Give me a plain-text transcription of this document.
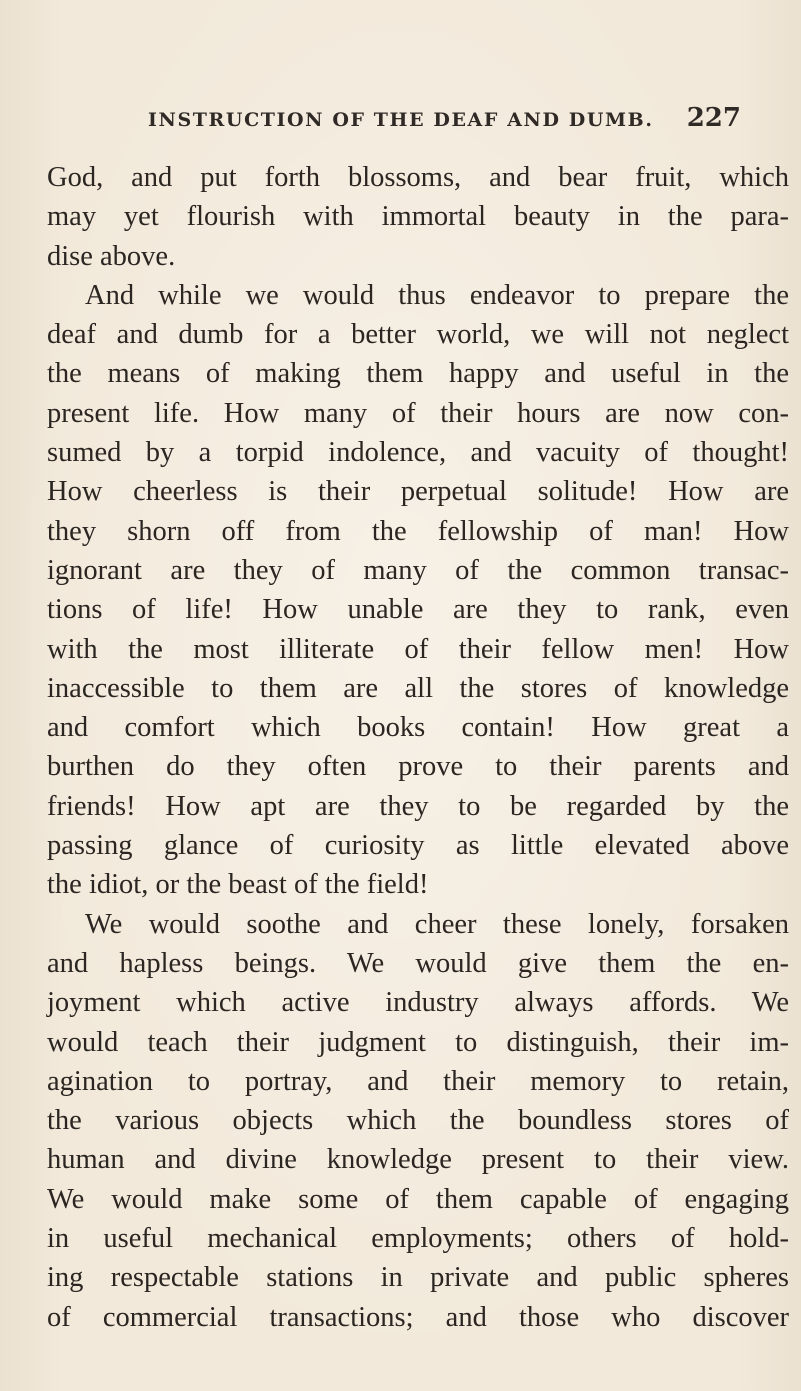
INSTRUCTION OF THE DEAF AND DUMB. 227
God, and put forth blossoms, and bear fruit, which
may yet flourish with immortal beauty in the para-
dise above.
And while we would thus endeavor to prepare the
deaf and dumb for a better world, we will not neglect
the means of making them happy and useful in the
present life. How many of their hours are now con-
sumed by a torpid indolence, and vacuity of thought!
How cheerless is their perpetual solitude! How are
they shorn off from the fellowship of man! How
ignorant are they of many of the common transac-
tions of life! How unable are they to rank, even
with the most illiterate of their fellow men! How
inaccessible to them are all the stores of knowledge
and comfort which books contain! How great a
burthen do they often prove to their parents and
friends! How apt are they to be regarded by the
passing glance of curiosity as little elevated above
the idiot, or the beast of the field!
We would soothe and cheer these lonely, forsaken
and hapless beings. We would give them the en-
joyment which active industry always affords. We
would teach their judgment to distinguish, their im-
agination to portray, and their memory to retain,
the various objects which the boundless stores of
human and divine knowledge present to their view.
We would make some of them capable of engaging
in useful mechanical employments; others of hold-
ing respectable stations in private and public spheres
of commercial transactions; and those who discover
